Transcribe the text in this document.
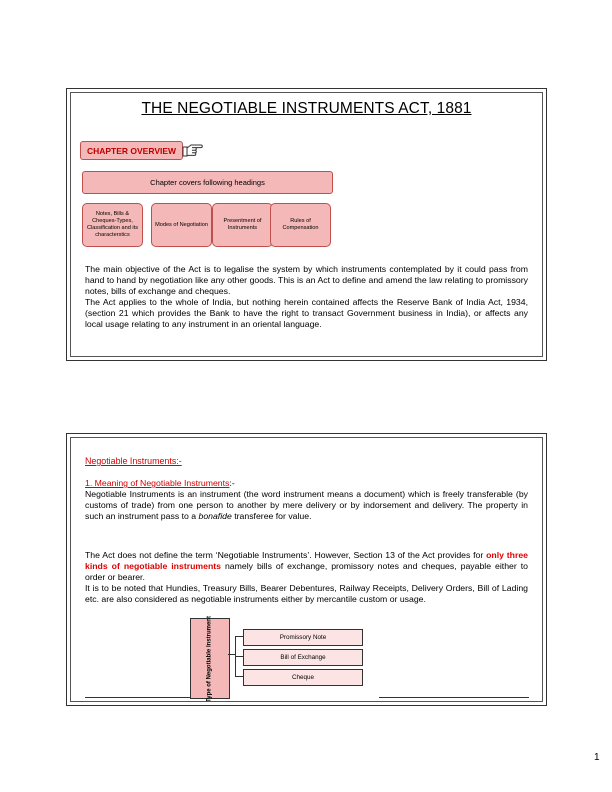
THE NEGOTIABLE INSTRUMENTS ACT, 1881
CHAPTER OVERVIEW
Chapter covers following headings
Notes, Bills & Cheques-Types, Classification and its characterstics
Modes of Negotiation
Presentment of Instruments
Rules of Compensation

The main objective of the Act is to legalise the system by which instruments contemplated by it could pass from hand to hand by negotiation like any other goods. This is an Act to define and amend the law relating to promissory notes, bills of exchange and cheques.

The Act applies to the whole of India, but nothing herein contained affects the Reserve Bank of India Act, 1934, (section 21 which provides the Bank to have the right to transact Government business in India), or affects any local usage relating to any instrument in an oriental language.

Negotiable Instruments:-

1. Meaning of Negotiable Instruments:-

Negotiable Instruments is an instrument (the word instrument means a document) which is freely transferable (by customs of trade) from one person to another by mere delivery or by indorsement and delivery. The property in such an instrument pass to a bonafide transferee for value.

The Act does not define the term ‘Negotiable Instruments’. However, Section 13 of the Act provides for only three kinds of negotiable instruments namely bills of exchange, promissory notes and cheques, payable either to order or bearer.

It is to be noted that Hundies, Treasury Bills, Bearer Debentures, Railway Receipts, Delivery Orders, Bill of Lading etc. are also considered as negotiable instruments either by mercantile custom or usage.

Type of Negotiable Instrument	Promissory Note
Bill of Exchange
Cheque
1
